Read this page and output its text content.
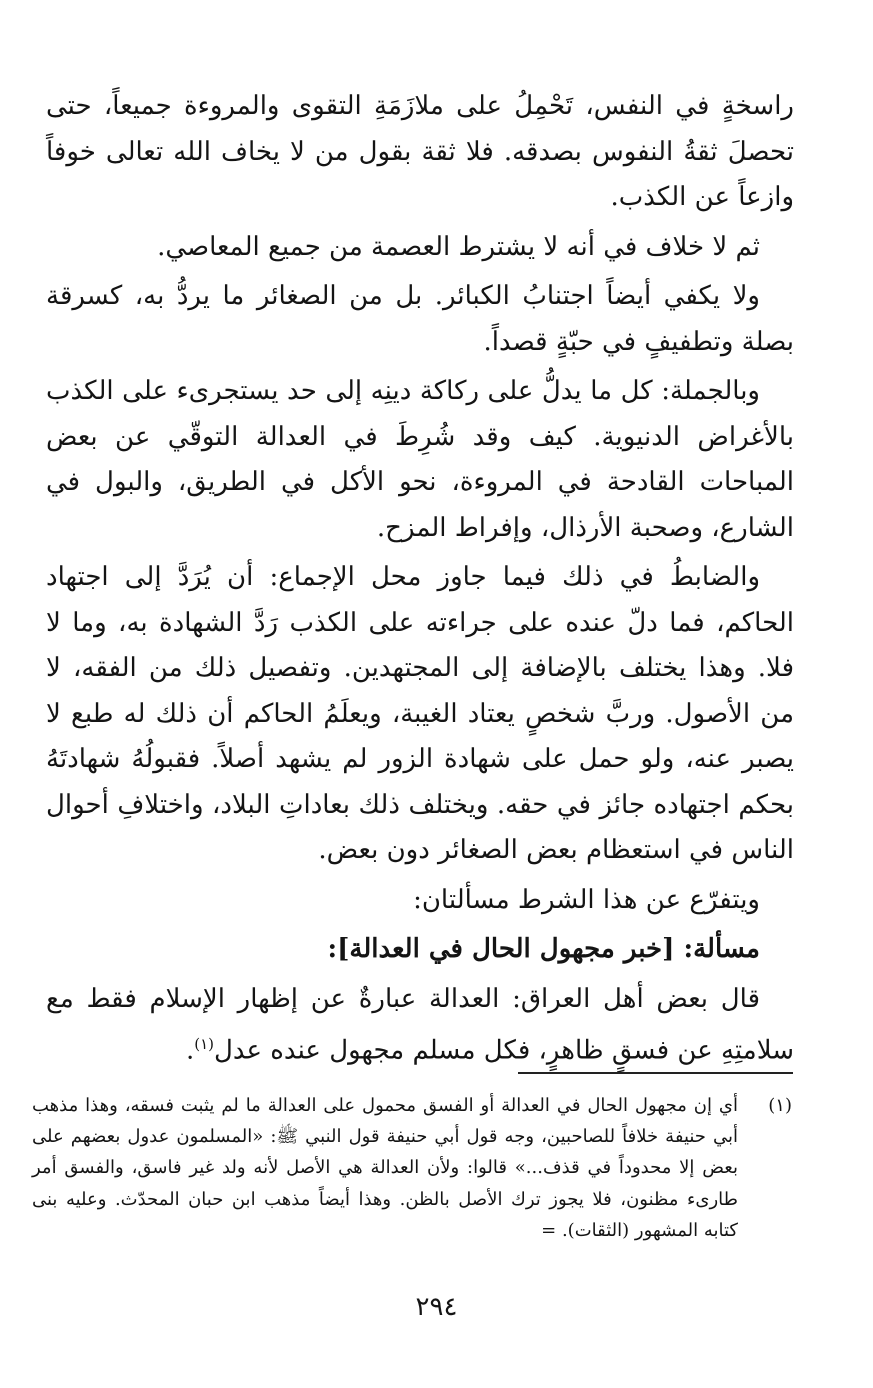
راسخةٍ في النفس، تَحْمِلُ على ملازَمَةِ التقوى والمروءة جميعاً، حتى تحصلَ ثقةُ النفوس بصدقه. فلا ثقة بقول من لا يخاف الله تعالى خوفاً وازعاً عن الكذب.

ثم لا خلاف في أنه لا يشترط العصمة من جميع المعاصي.

ولا يكفي أيضاً اجتنابُ الكبائر. بل من الصغائر ما يردُّ به، كسرقة بصلة وتطفيفٍ في حبّةٍ قصداً.

وبالجملة: كل ما يدلُّ على ركاكة دينِه إلى حد يستجرىء على الكذب بالأغراض الدنيوية. كيف وقد شُرِطَ في العدالة التوقّي عن بعض المباحات القادحة في المروءة، نحو الأكل في الطريق، والبول في الشارع، وصحبة الأرذال، وإفراط المزح.

والضابطُ في ذلك فيما جاوز محل الإجماع: أن يُرَدَّ إلى اجتهاد الحاكم، فما دلّ عنده على جراءته على الكذب رَدَّ الشهادة به، وما لا فلا. وهذا يختلف بالإضافة إلى المجتهدين. وتفصيل ذلك من الفقه، لا من الأصول. وربَّ شخصٍ يعتاد الغيبة، ويعلَمُ الحاكم أن ذلك له طبع لا يصبر عنه، ولو حمل على شهادة الزور لم يشهد أصلاً. فقبولُهُ شهادتَهُ بحكم اجتهاده جائز في حقه. ويختلف ذلك بعاداتِ البلاد، واختلافِ أحوال الناس في استعظام بعض الصغائر دون بعض.

ويتفرّع عن هذا الشرط مسألتان:

مسألة: [خبر مجهول الحال في العدالة]:

قال بعض أهل العراق: العدالة عبارةٌ عن إظهار الإسلام فقط مع سلامتِهِ عن فسقٍ ظاهرٍ، فكل مسلم مجهول عنده عدل$^{(١)}$.

(١)
أي إن مجهول الحال في العدالة أو الفسق محمول على العدالة ما لم يثبت فسقه، وهذا مذهب أبي حنيفة خلافاً للصاحبين، وجه قول أبي حنيفة قول النبي ﷺ: «المسلمون عدول بعضهم على بعض إلا محدوداً في قذف...» قالوا: ولأن العدالة هي الأصل لأنه ولد غير فاسق، والفسق أمر طارىء مظنون، فلا يجوز ترك الأصل بالظن. وهذا أيضاً مذهب ابن حبان المحدّث. وعليه بنى كتابه المشهور (الثقات). =
٢٩٤
